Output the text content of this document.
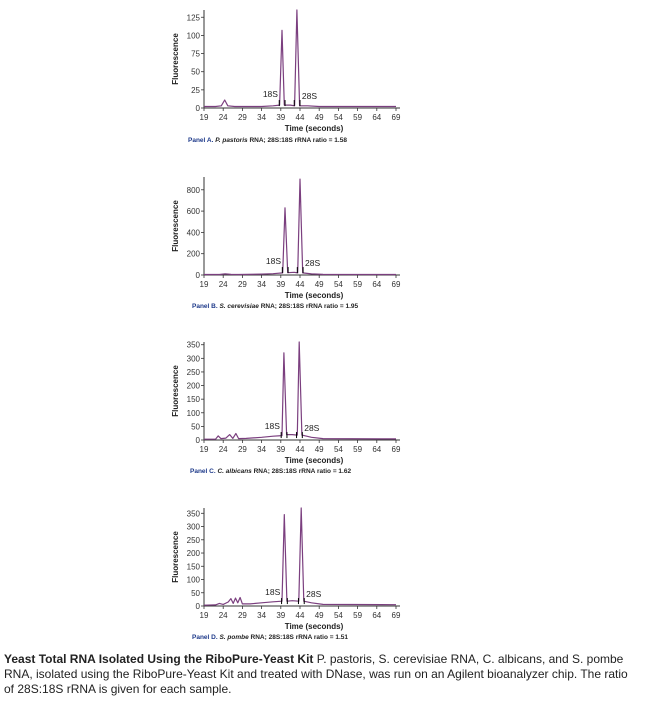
0
25
50
75
100
125
19 24 29 34 39 44 49 54 59 64 69
Fluorescence
Time (seconds)
18S	28S
Panel A. P. pastoris RNA; 28S:18S rRNA ratio = 1.58
0
200
400
600
800
19 24 29 34 39 44 49 54 59 64 69
Fluorescence
Time (seconds)
18S	28S
Panel B. S. cerevisiae RNA; 28S:18S rRNA ratio = 1.95
0
50
100
150
200
250
300
350
19 24 29 34 39 44 49 54 59 64 69
Fluorescence
Time (seconds)
18S	28S
Panel C. C. albicans RNA; 28S:18S rRNA ratio = 1.62
0
50
100
150
200
250
300
350
19 24 29 34 39 44 49 54 59 64 69
Fluorescence
Time (seconds)
18S	28S
Panel D. S. pombe RNA; 28S:18S rRNA ratio = 1.51
Yeast Total RNA Isolated Using the RiboPure-Yeast Kit P. pastoris, S. cerevisiae RNA, C. albicans, and S. pombe RNA, isolated using the RiboPure-Yeast Kit and treated with DNase, was run on an Agilent bioanalyzer chip. The ratio of 28S:18S rRNA is given for each sample.
